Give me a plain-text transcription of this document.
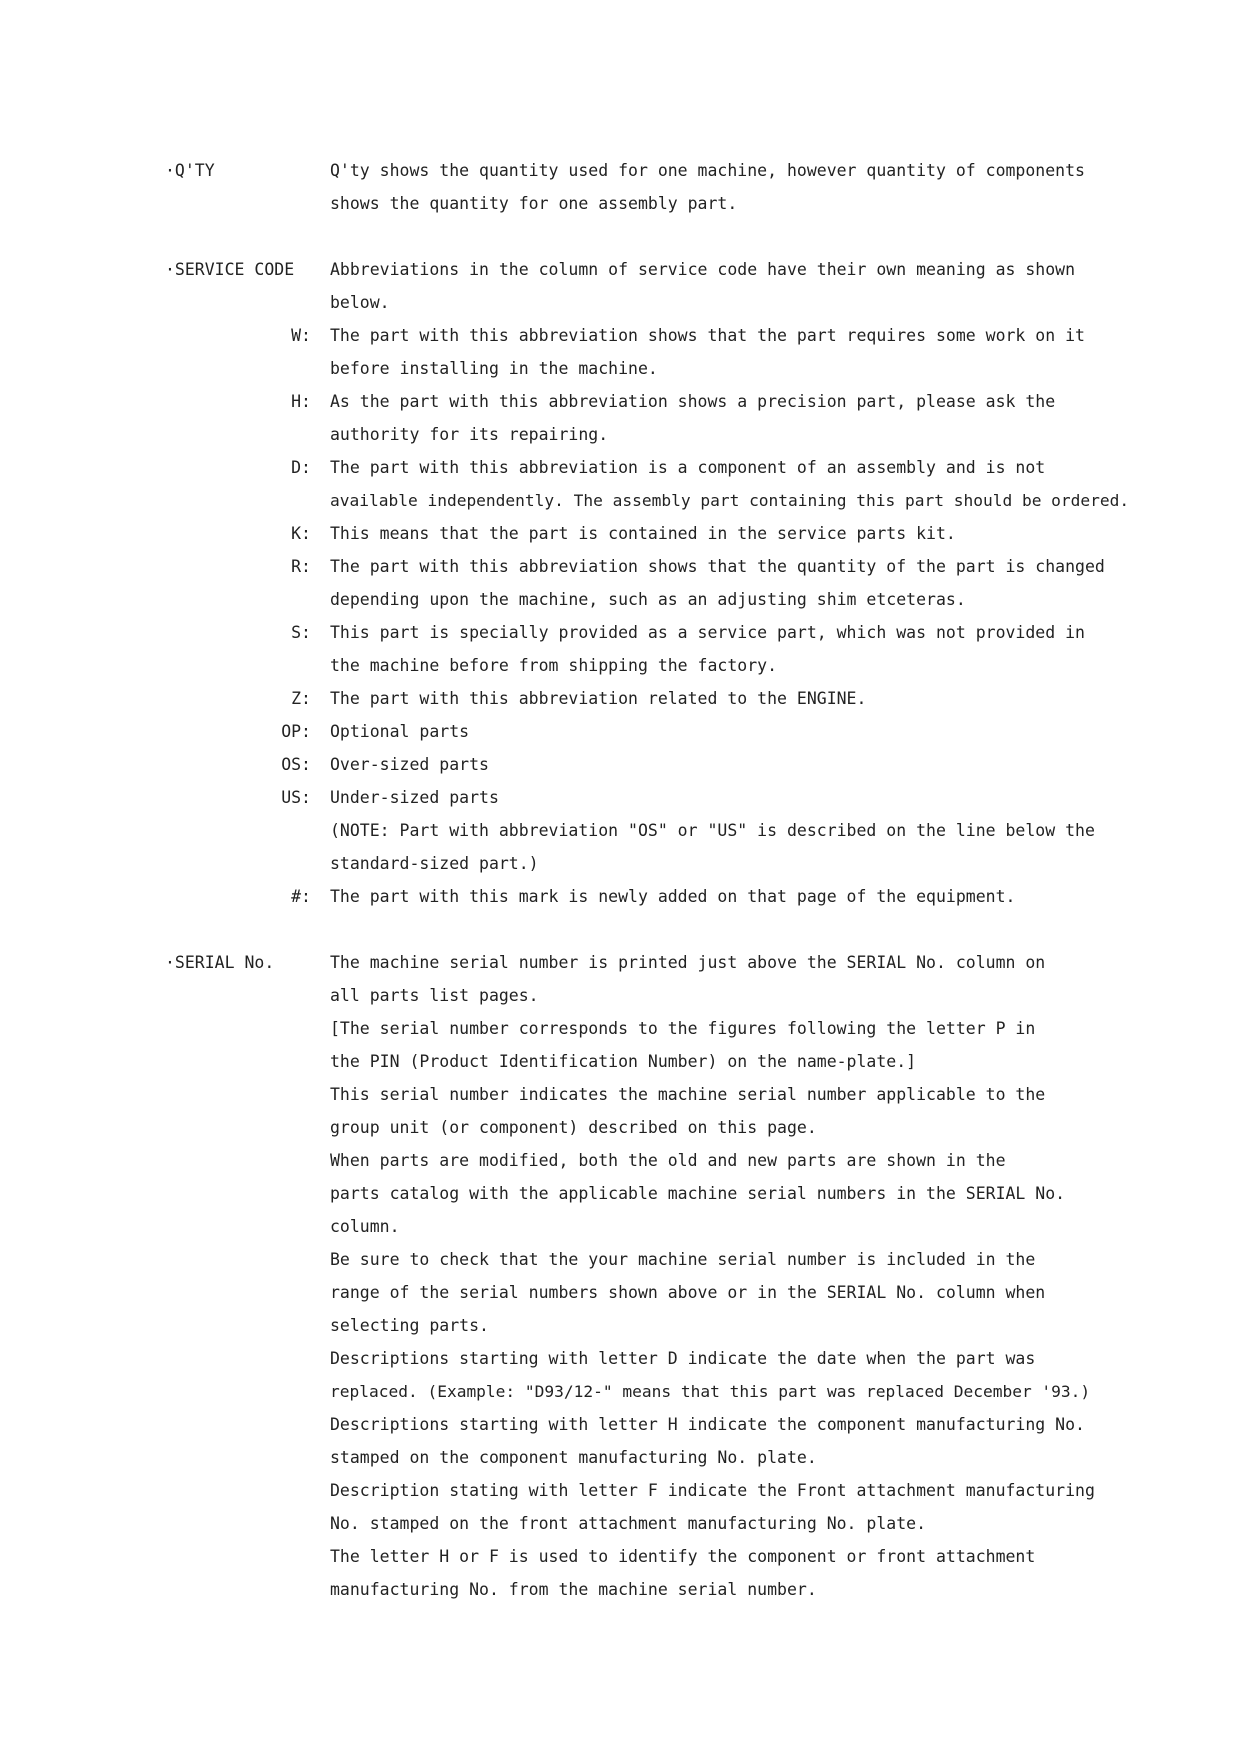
·Q'TY	Q'ty shows the quantity used for one machine, however quantity of components
shows the quantity for one assembly part.
·SERVICE CODE Abbreviations in the column of service code have their own meaning as shown
below.
W: The part with this abbreviation shows that the part requires some work on it
before installing in the machine.
H: As the part with this abbreviation shows a precision part, please ask the
authority for its repairing.
D: The part with this abbreviation is a component of an assembly and is not
available independently. The assembly part containing this part should be ordered.
K: This means that the part is contained in the service parts kit.
R: The part with this abbreviation shows that the quantity of the part is changed
depending upon the machine, such as an adjusting shim etceteras.
S: This part is specially provided as a service part, which was not provided in
the machine before from shipping the factory.
Z: The part with this abbreviation related to the ENGINE.
OP: Optional parts
OS: Over-sized parts
US: Under-sized parts
(NOTE: Part with abbreviation "OS" or "US" is described on the line below the
standard-sized part.)
#: The part with this mark is newly added on that page of the equipment.
·SERIAL No.	The machine serial number is printed just above the SERIAL No. column on
all parts list pages.
[The serial number corresponds to the figures following the letter P in
the PIN (Product Identification Number) on the name-plate.]
This serial number indicates the machine serial number applicable to the
group unit (or component) described on this page.
When parts are modified, both the old and new parts are shown in the
parts catalog with the applicable machine serial numbers in the SERIAL No.
column.
Be sure to check that the your machine serial number is included in the
range of the serial numbers shown above or in the SERIAL No. column when
selecting parts.
Descriptions starting with letter D indicate the date when the part was
replaced. (Example: "D93/12-" means that this part was replaced December '93.)
Descriptions starting with letter H indicate the component manufacturing No.
stamped on the component manufacturing No. plate.
Description stating with letter F indicate the Front attachment manufacturing
No. stamped on the front attachment manufacturing No. plate.
The letter H or F is used to identify the component or front attachment
manufacturing No. from the machine serial number.
